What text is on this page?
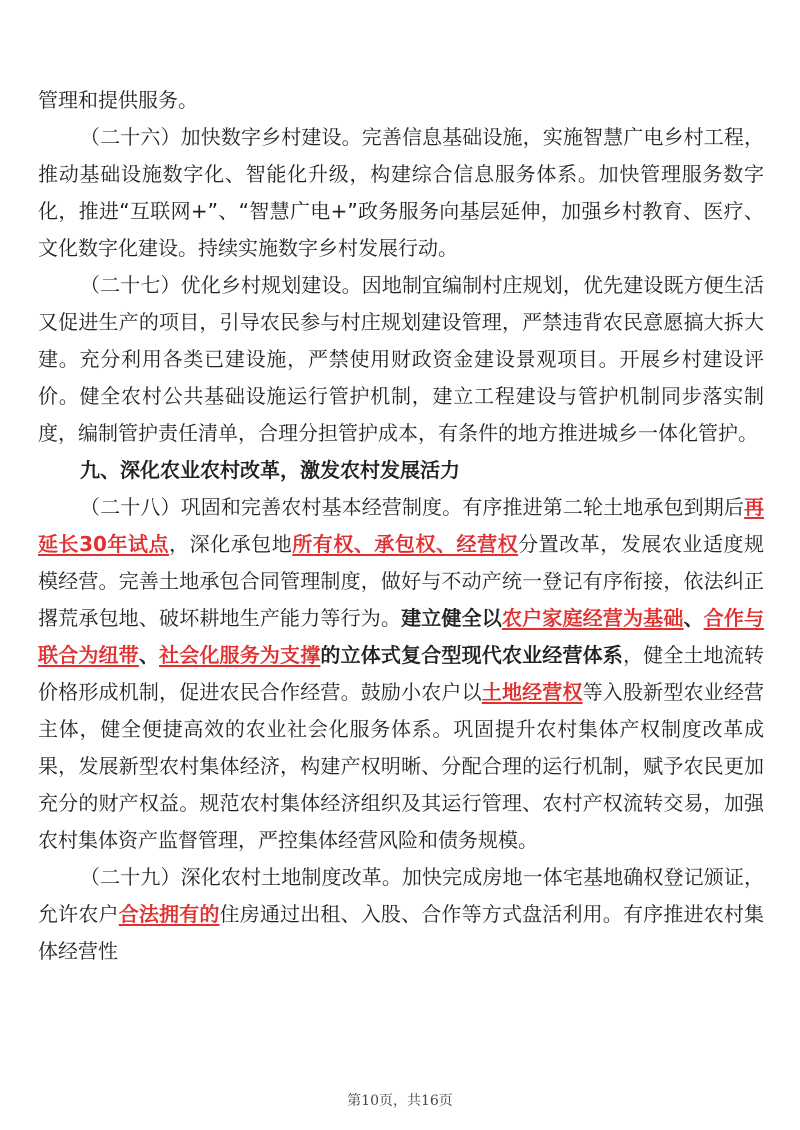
管理和提供服务。

（二十六）加快数字乡村建设。完善信息基础设施，实施智慧广电乡村工程，推动基础设施数字化、智能化升级，构建综合信息服务体系。加快管理服务数字化，推进“互联网+”、“智慧广电+”政务服务向基层延伸，加强乡村教育、医疗、文化数字化建设。持续实施数字乡村发展行动。

（二十七）优化乡村规划建设。因地制宜编制村庄规划，优先建设既方便生活又促进生产的项目，引导农民参与村庄规划建设管理，严禁违背农民意愿搞大拆大建。充分利用各类已建设施，严禁使用财政资金建设景观项目。开展乡村建设评价。健全农村公共基础设施运行管护机制，建立工程建设与管护机制同步落实制度，编制管护责任清单，合理分担管护成本，有条件的地方推进城乡一体化管护。

九、深化农业农村改革，激发农村发展活力

（二十八）巩固和完善农村基本经营制度。有序推进第二轮土地承包到期后再延长30年试点，深化承包地所有权、承包权、经营权分置改革，发展农业适度规模经营。完善土地承包合同管理制度，做好与不动产统一登记有序衔接，依法纠正撂荒承包地、破坏耕地生产能力等行为。建立健全以农户家庭经营为基础、合作与联合为纽带、社会化服务为支撑的立体式复合型现代农业经营体系，健全土地流转价格形成机制，促进农民合作经营。鼓励小农户以土地经营权等入股新型农业经营主体，健全便捷高效的农业社会化服务体系。巩固提升农村集体产权制度改革成果，发展新型农村集体经济，构建产权明晰、分配合理的运行机制，赋予农民更加充分的财产权益。规范农村集体经济组织及其运行管理、农村产权流转交易，加强农村集体资产监督管理，严控集体经营风险和债务规模。

（二十九）深化农村土地制度改革。加快完成房地一体宅基地确权登记颁证，允许农户合法拥有的住房通过出租、入股、合作等方式盘活利用。有序推进农村集体经营性

第10页，共16页
